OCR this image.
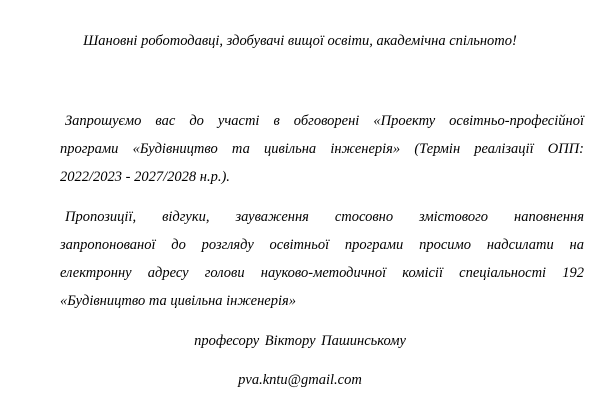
Шановні роботодавці, здобувачі вищої освіти, академічна спільното!
Запрошуємо вас до участі в обговорені «Проекту освітньо-професійної
програми «Будівництво та цивільна інженерія» (Термін реалізації ОПП:
2022/2023 - 2027/2028 н.р.).
Пропозиції, відгуки, зауваження стосовно змістового наповнення
запропонованої до розгляду освітньої програми просимо надсилати на
електронну адресу голови науково-методичної комісії спеціальності 192
«Будівництво та цивільна інженерія»
професору Віктору Пашинському
pva.kntu@gmail.com
